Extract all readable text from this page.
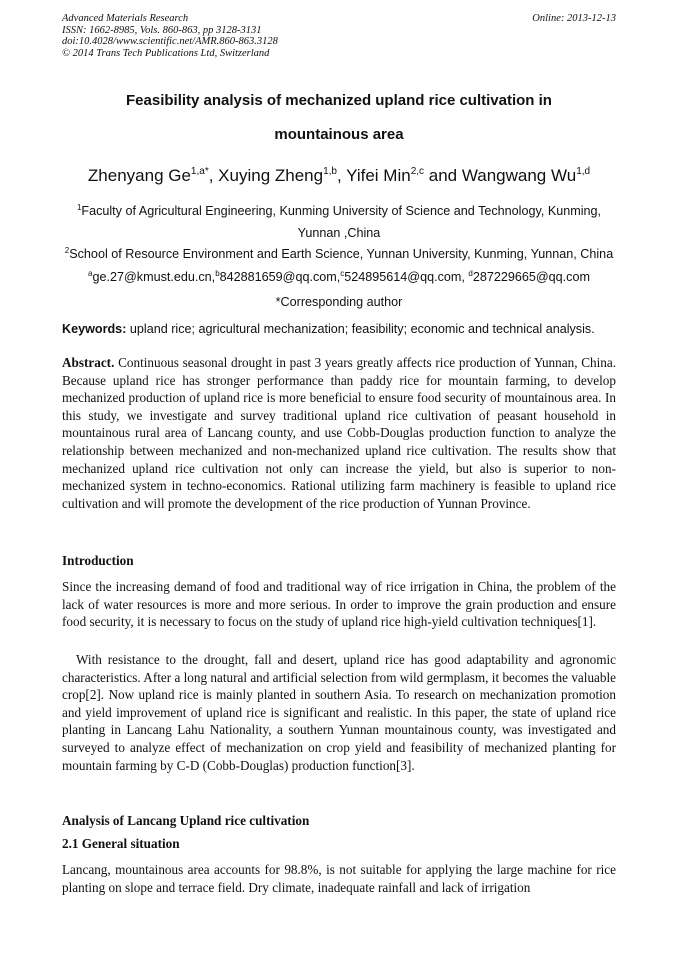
Advanced Materials Research
ISSN: 1662-8985, Vols. 860-863, pp 3128-3131
doi:10.4028/www.scientific.net/AMR.860-863.3128
© 2014 Trans Tech Publications Ltd, Switzerland
Online: 2013-12-13
Feasibility analysis of mechanized upland rice cultivation in
mountainous area
Zhenyang $Ge^{1,a*}$, Xuying Zheng$^{1,b}$, Yifei Min$^{2,c}$ and Wangwang Wu$^{1,d}$
$^1$Faculty of Agricultural Engineering, Kunming University of Science and Technology, Kunming, Yunnan ,China
$^2$School of Resource Environment and Earth Science, Yunnan University, Kunming, Yunnan, China
$^a$ge.27@kmust.edu.cn,$^b$842881659@qq.com,$^c$524895614@qq.com, $^d$287229665@qq.com
*Corresponding author
Keywords: upland rice; agricultural mechanization; feasibility; economic and technical analysis.
Abstract. Continuous seasonal drought in past 3 years greatly affects rice production of Yunnan, China. Because upland rice has stronger performance than paddy rice for mountain farming, to develop mechanized production of upland rice is more beneficial to ensure food security of mountainous area. In this study, we investigate and survey traditional upland rice cultivation of peasant household in mountainous rural area of Lancang county, and use Cobb-Douglas production function to analyze the relationship between mechanized and non-mechanized upland rice cultivation. The results show that mechanized upland rice cultivation not only can increase the yield, but also is superior to non-mechanized system in techno-economics. Rational utilizing farm machinery is feasible to upland rice cultivation and will promote the development of the rice production of Yunnan Province.
Introduction
Since the increasing demand of food and traditional way of rice irrigation in China, the problem of the lack of water resources is more and more serious. In order to improve the grain production and ensure food security, it is necessary to focus on the study of upland rice high-yield cultivation techniques[1].
With resistance to the drought, fall and desert, upland rice has good adaptability and agronomic characteristics. After a long natural and artificial selection from wild germplasm, it becomes the valuable crop[2]. Now upland rice is mainly planted in southern Asia. To research on mechanization promotion and yield improvement of upland rice is significant and realistic. In this paper, the state of upland rice planting in Lancang Lahu Nationality, a southern Yunnan mountainous county, was investigated and surveyed to analyze effect of mechanization on crop yield and feasibility of mechanized planting for mountain farming by C-D (Cobb-Douglas) production function[3].
Analysis of Lancang Upland rice cultivation
2.1 General situation
Lancang, mountainous area accounts for 98.8%, is not suitable for applying the large machine for rice planting on slope and terrace field. Dry climate, inadequate rainfall and lack of irrigation
